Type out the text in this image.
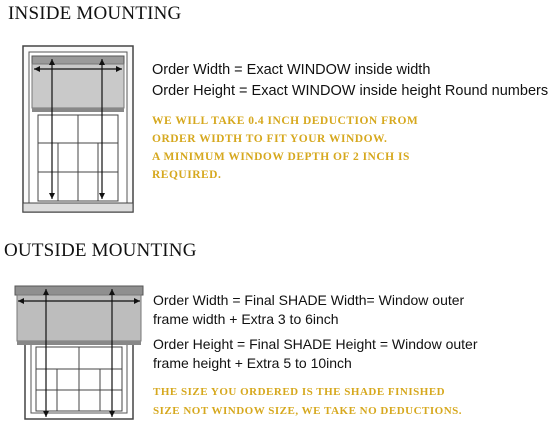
INSIDE MOUNTING
Order Width = Exact WINDOW inside width
Order Height = Exact WINDOW inside height Round numbers
WE WILL TAKE 0.4 INCH DEDUCTION FROM
ORDER WIDTH TO FIT YOUR WINDOW.
A MINIMUM WINDOW DEPTH OF 2 INCH IS
REQUIRED.
OUTSIDE MOUNTING
Order Width = Final SHADE Width= Window outer
frame width + Extra 3 to 6inch
Order Height = Final SHADE Height = Window outer
frame height + Extra 5 to 10inch
THE SIZE YOU ORDERED IS THE SHADE FINISHED
SIZE NOT WINDOW SIZE, WE TAKE NO DEDUCTIONS.
